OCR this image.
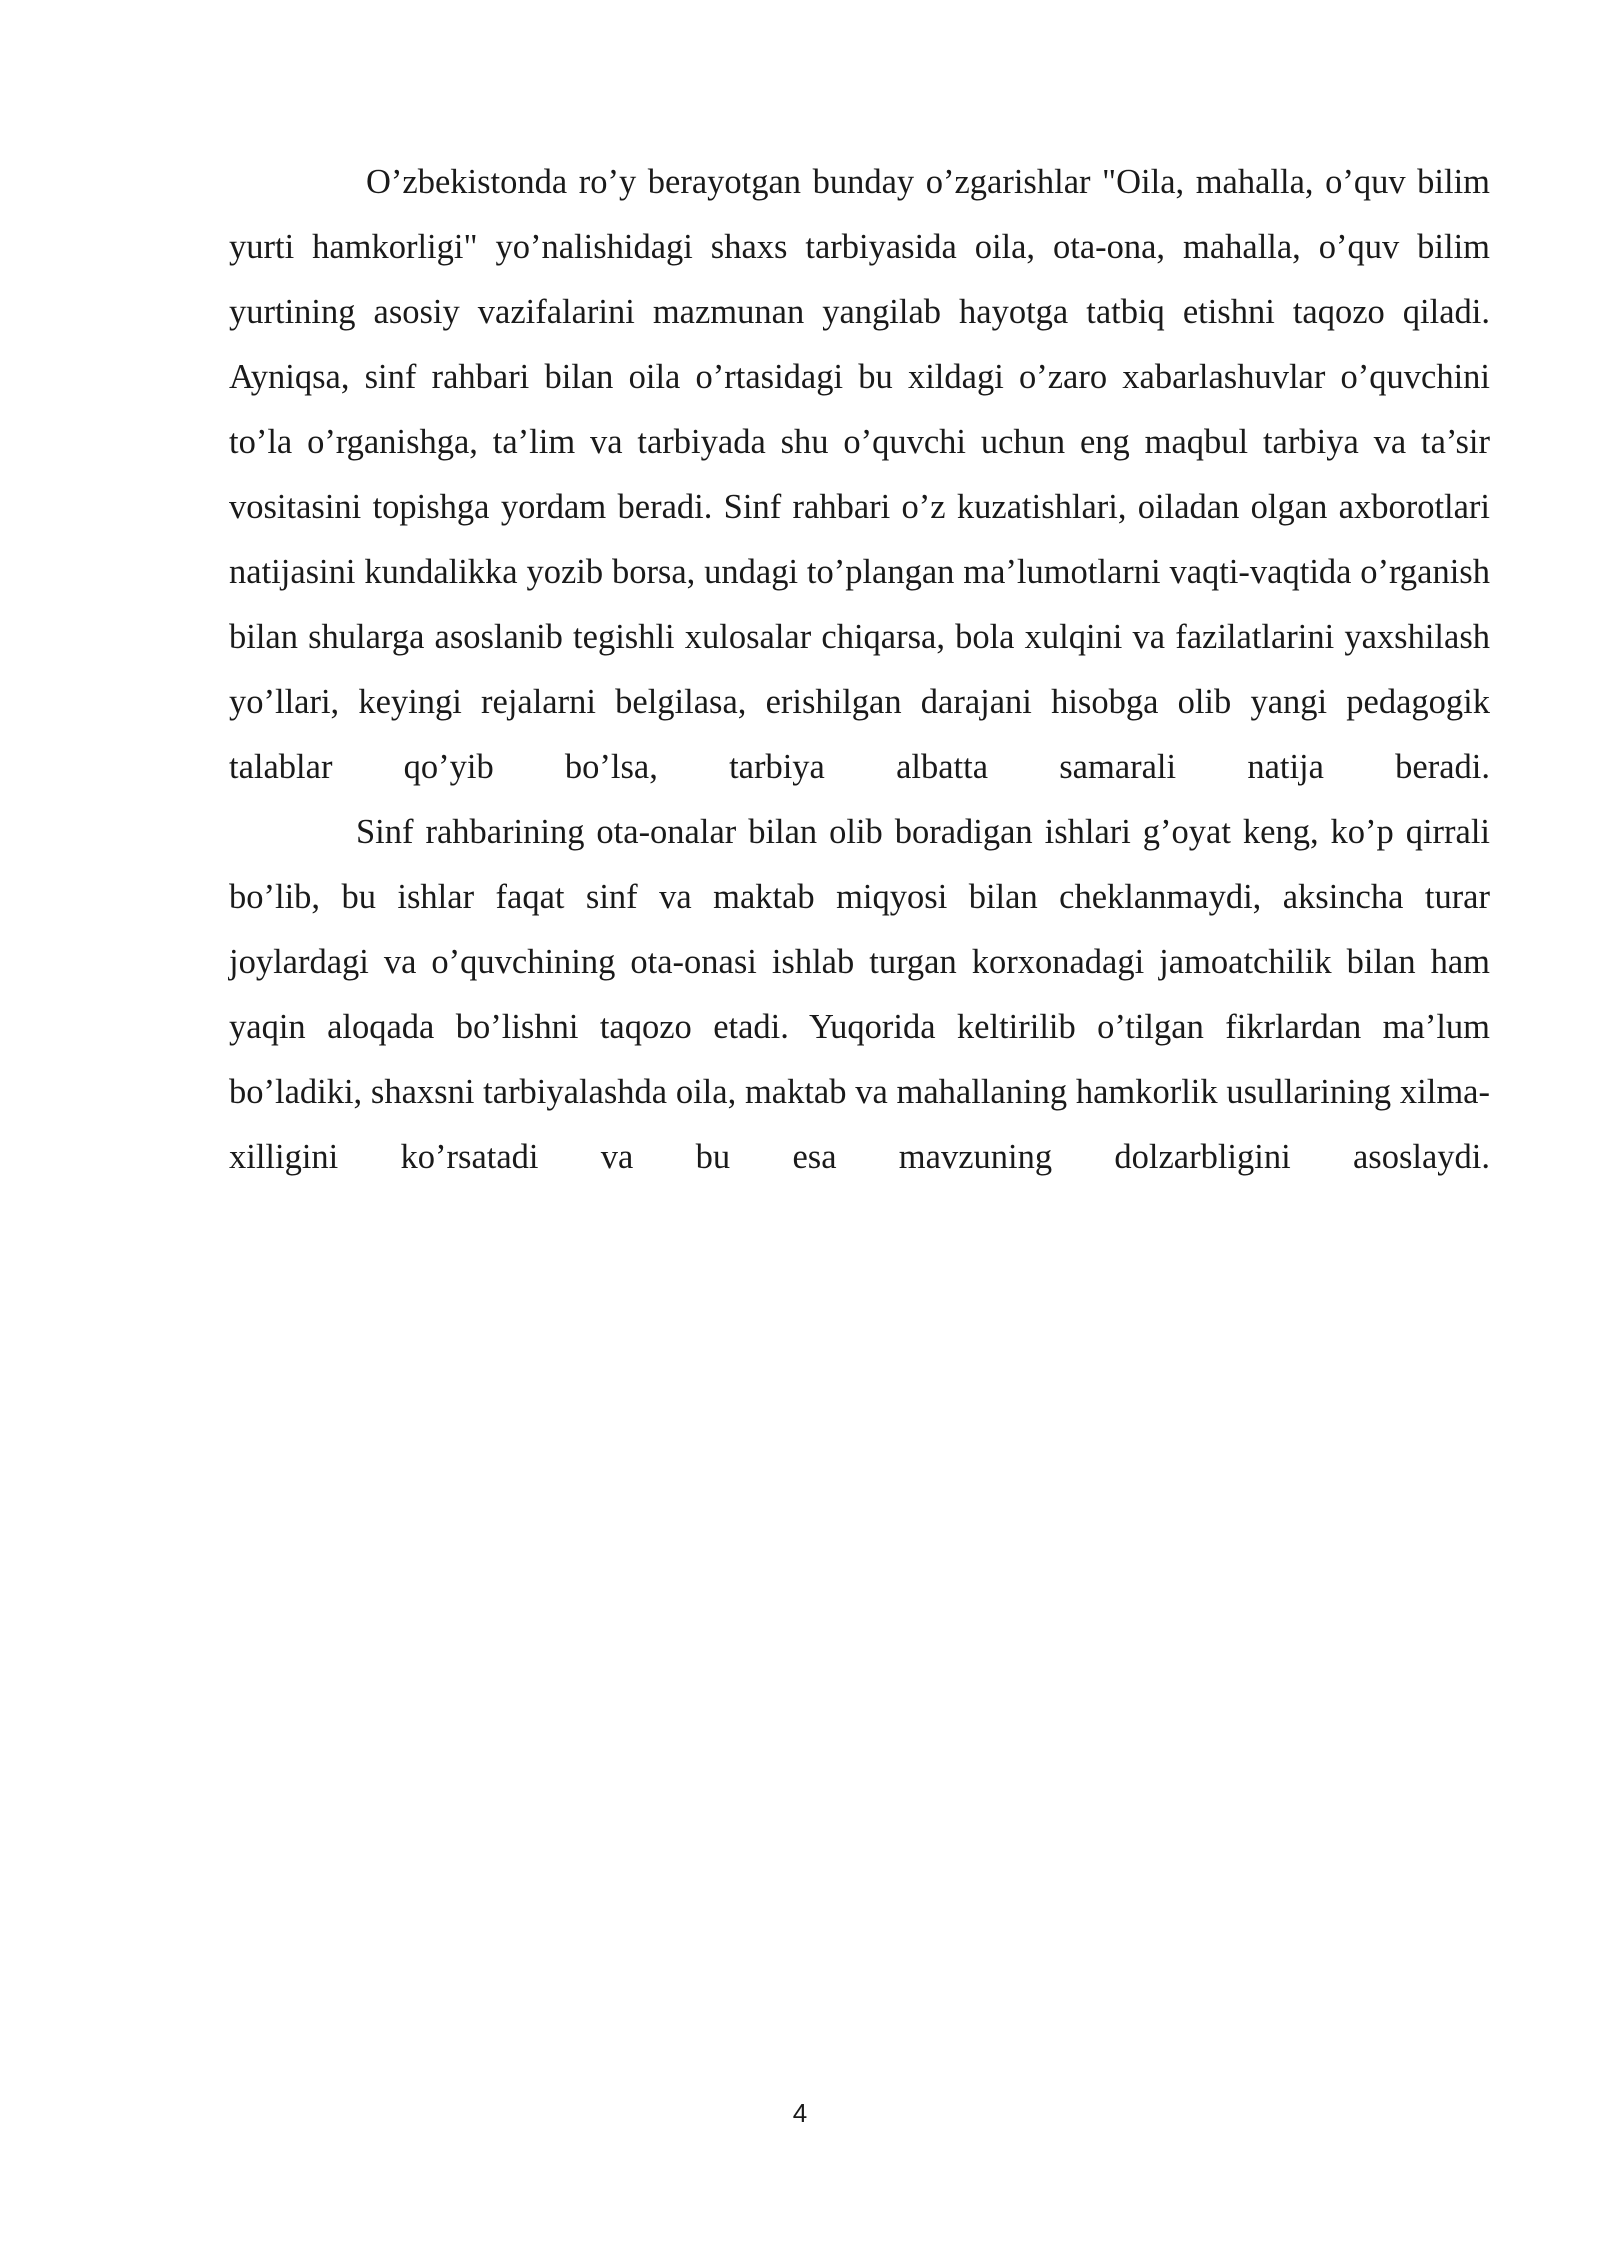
O’zbekistonda ro’y berayotgan bunday o’zgarishlar "Oila, mahalla, o’quv bilim yurti hamkorligi" yo’nalishidagi shaxs tarbiyasida oila, ota-ona, mahalla, o’quv bilim yurtining asosiy vazifalarini mazmunan yangilab hayotga tatbiq etishni taqozo qiladi. Ayniqsa, sinf rahbari bilan oila o’rtasidagi bu xildagi o’zaro xabarlashuvlar o’quvchini to’la o’rganishga, ta’lim va tarbiyada shu o’quvchi uchun eng maqbul tarbiya va ta’sir vositasini topishga yordam beradi. Sinf rahbari o’z kuzatishlari, oiladan olgan axborotlari natijasini kundalikka yozib borsa, undagi to’plangan ma’lumotlarni vaqti-vaqtida o’rganish bilan shularga asoslanib tegishli xulosalar chiqarsa, bola xulqini va fazilatlarini yaxshilash yo’llari, keyingi rejalarni belgilasa, erishilgan darajani hisobga olib yangi pedagogik talablar qo’yib bo’lsa, tarbiya albatta samarali natija beradi.

Sinf rahbarining ota-onalar bilan olib boradigan ishlari g’oyat keng, ko’p qirrali bo’lib, bu ishlar faqat sinf va maktab miqyosi bilan cheklanmaydi, aksincha turar joylardagi va o’quvchining ota-onasi ishlab turgan korxonadagi jamoatchilik bilan ham yaqin aloqada bo’lishni taqozo etadi. Yuqorida keltirilib o’tilgan fikrlardan ma’lum bo’ladiki, shaxsni tarbiyalashda oila, maktab va mahallaning hamkorlik usullarining xilma-xilligini ko’rsatadi va bu esa mavzuning dolzarbligini asoslaydi.

4
